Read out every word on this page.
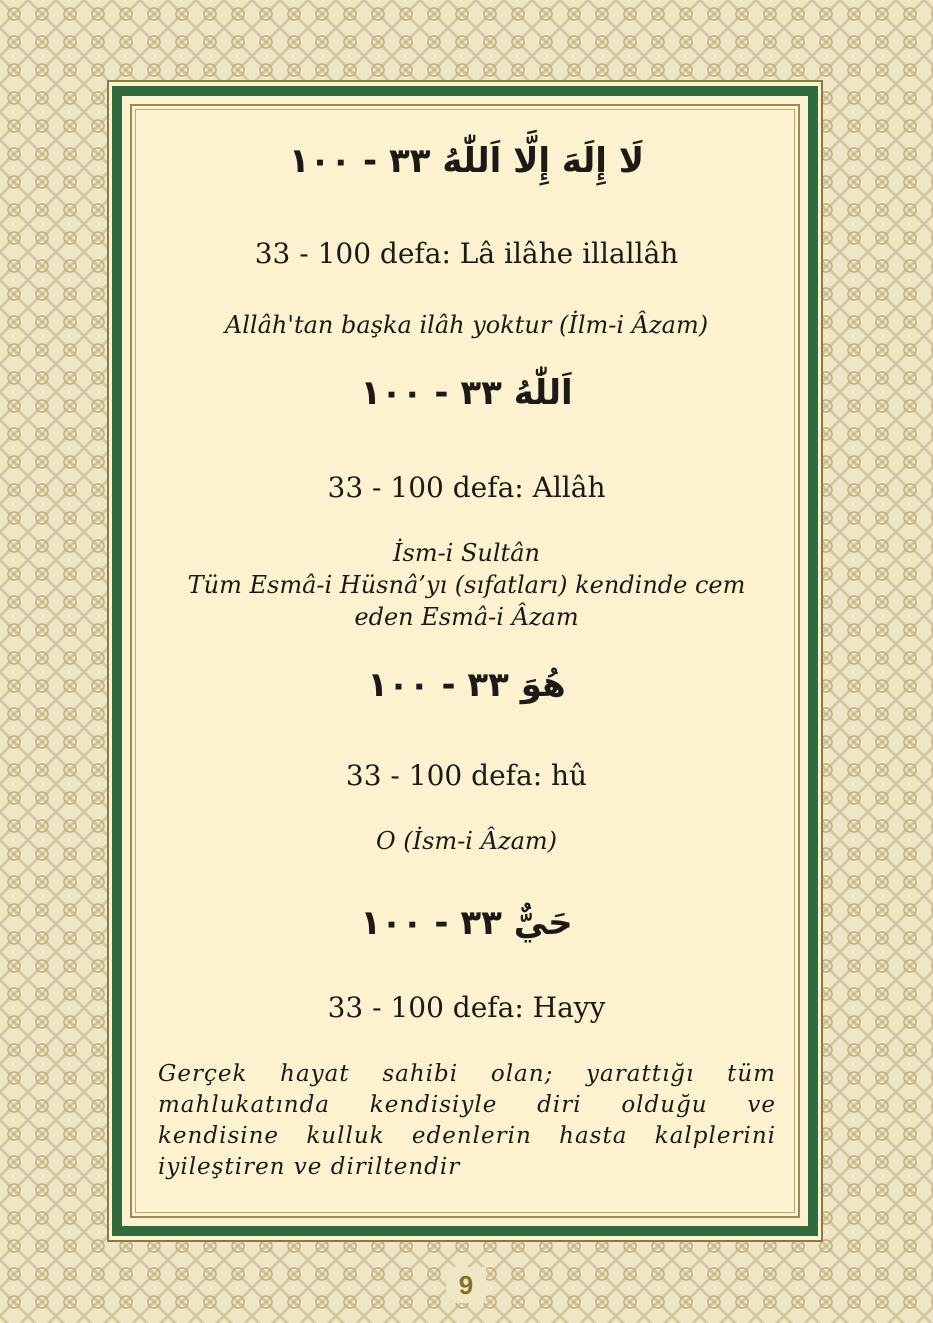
لَا إِلَهَ إِلَّا اَللّٰهُ ٣٣ - ١٠٠
33 - 100 defa: Lâ ilâhe illallâh
Allâh'tan başka ilâh yoktur (İlm-i Âzam)
اَللّٰهُ ٣٣ - ١٠٠
33 - 100 defa: Allâh
İsm-i Sultân
Tüm Esmâ-i Hüsnâ’yı (sıfatları) kendinde cem
eden Esmâ-i Âzam
هُوَ ٣٣ - ١٠٠
33 - 100 defa: hû
O (İsm-i Âzam)
حَيٌّ ٣٣ - ١٠٠
33 - 100 defa: Hayy
Gerçek hayat sahibi olan; yarattığı tüm mahlukatında kendisiyle diri olduğu ve kendisine kulluk edenlerin hasta kalplerini iyileştiren ve diriltendir
9
